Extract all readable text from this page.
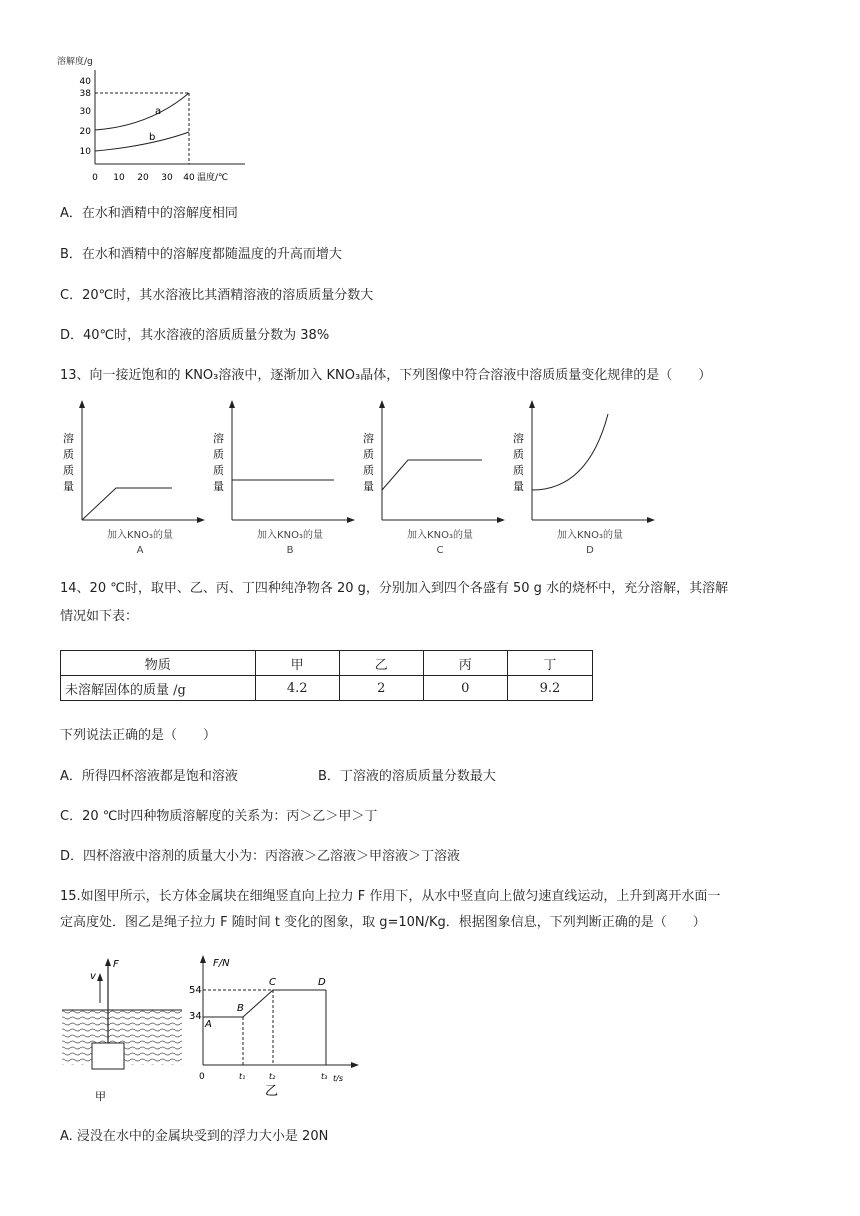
溶解度/g
40
38
30
20
10
a
b
0 10 20 30 40 温度/℃
A．在水和酒精中的溶解度相同
B．在水和酒精中的溶解度都随温度的升高而增大
C．20℃时，其水溶液比其酒精溶液的溶质质量分数大
D．40℃时，其水溶液的溶质质量分数为 38%
13、向一接近饱和的 KNO₃溶液中，逐渐加入 KNO₃晶体，下列图像中符合溶液中溶质质量变化规律的是（　　）
溶
质
质
量
加入KNO₃的量
A
溶
质
质
量
加入KNO₃的量
B
溶
质
质
量
加入KNO₃的量
C
溶
质
质
量
加入KNO₃的量
D
14、20 ℃时，取甲、乙、丙、丁四种纯净物各 20 g，分别加入到四个各盛有 50 g 水的烧杯中，充分溶解，其溶解
情况如下表：
物质	甲	乙	丙	丁
未溶解固体的质量 /g	4.2	2	0	9.2
下列说法正确的是（　　）
A．所得四杯溶液都是饱和溶液	B．丁溶液的溶质质量分数最大
C．20 ℃时四种物质溶解度的关系为：丙＞乙＞甲＞丁
D．四杯溶液中溶剂的质量大小为：丙溶液＞乙溶液＞甲溶液＞丁溶液
15.如图甲所示，长方体金属块在细绳竖直向上拉力 F 作用下，从水中竖直向上做匀速直线运动，上升到离开水面一
定高度处．图乙是绳子拉力 F 随时间 t 变化的图象，取 g=10N/Kg．根据图象信息，下列判断正确的是（　　）
v
F
甲
F/N
t/s
54
34
0	t₁	t₂	t₃
A
B
C	D
乙
A. 浸没在水中的金属块受到的浮力大小是 20N
